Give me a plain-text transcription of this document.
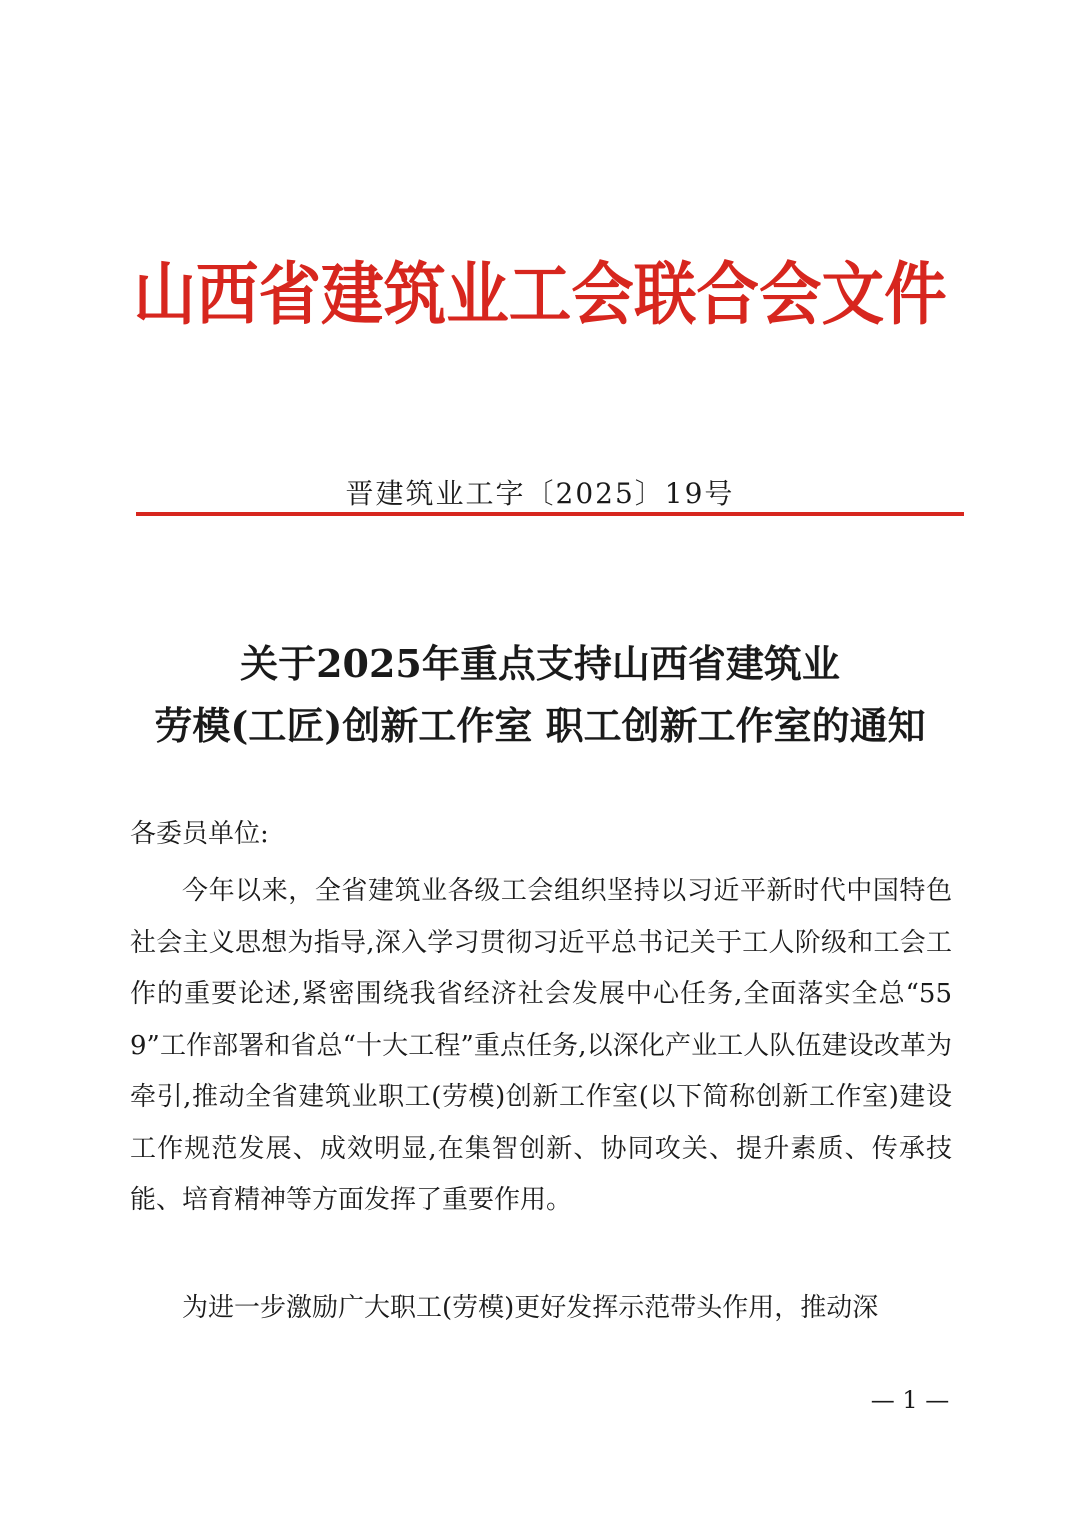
山西省建筑业工会联合会文件
晋建筑业工字〔2025〕19号
关于2025年重点支持山西省建筑业
劳模(工匠)创新工作室 职工创新工作室的通知
各委员单位:
今年以来，全省建筑业各级工会组织坚持以习近平新时代中国特色社会主义思想为指导,深入学习贯彻习近平总书记关于工人阶级和工会工作的重要论述,紧密围绕我省经济社会发展中心任务,全面落实全总“559”工作部署和省总“十大工程”重点任务,以深化产业工人队伍建设改革为牵引,推动全省建筑业职工(劳模)创新工作室(以下简称创新工作室)建设工作规范发展、成效明显,在集智创新、协同攻关、提升素质、传承技能、培育精神等方面发挥了重要作用。
为进一步激励广大职工(劳模)更好发挥示范带头作用，推动深
— 1 —
